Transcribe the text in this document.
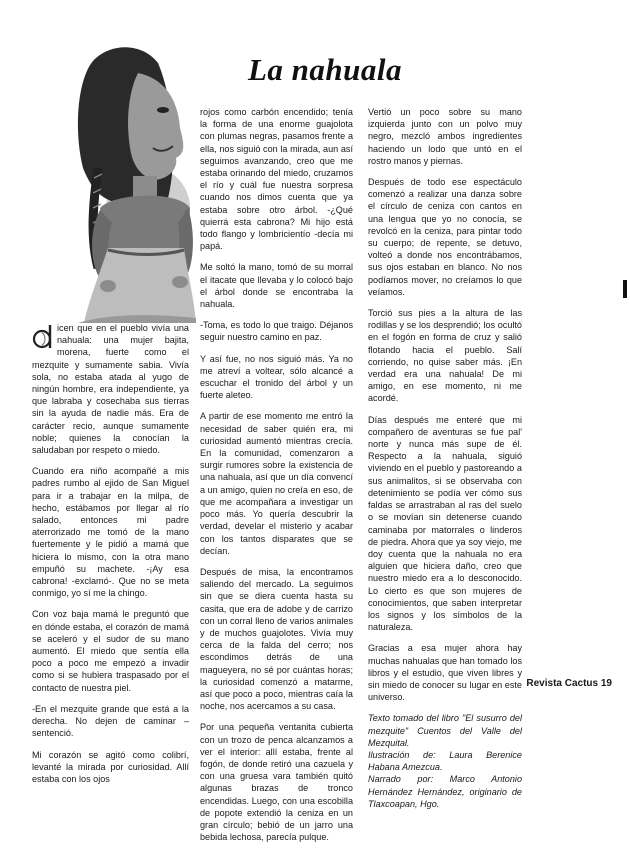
La nahuala

icen que en el pueblo vivía una nahuala: una mujer bajita, morena, fuerte como el mezquite y sumamente sabia. Vivía sola, no estaba atada al yugo de ningún hombre, era independiente, ya que labraba y cosechaba sus tierras sin la ayuda de nadie más. Era de carácter recio, aunque sumamente noble; quienes la conocían la saludaban por respeto o miedo.

Cuando era niño acompañé a mis padres rumbo al ejido de San Miguel para ir a trabajar en la milpa, de hecho, estábamos por llegar al río salado, entonces mi padre aterrorizado me tomó de la mano fuertemente y le pidió a mamá que hiciera lo mismo, con la otra mano empuñó su machete. -¡Ay esa cabrona! -exclamó-. Que no se meta conmigo, yo sí me la chingo.

Con voz baja mamá le preguntó que en dónde estaba, el corazón de mamá se aceleró y el sudor de su mano aumentó. El miedo que sentía ella poco a poco me empezó a invadir como si se hubiera traspasado por el contacto de nuestra piel.

-En el mezquite grande que está a la derecha. No dejen de caminar –sentenció.

Mi corazón se agitó como colibrí, levanté la mirada por curiosidad. Allí estaba con los ojos

rojos como carbón encendido; tenía la forma de una enorme guajolota con plumas negras, pasamos frente a ella, nos siguió con la mirada, aun así seguimos avanzando, creo que me estaba orinando del miedo, cruzamos el río y cuál fue nuestra sorpresa cuando nos dimos cuenta que ya estaba sobre otro árbol. -¿Qué quierrá esta cabrona? Mi hijo está todo flango y lombricientío -decía mi papá.

Me soltó la mano, tomó de su morral el itacate que llevaba y lo colocó bajo el árbol donde se encontraba la nahuala.

-Toma, es todo lo que traigo. Déjanos seguir nuestro camino en paz.

Y así fue, no nos siguió más. Ya no me atreví a voltear, sólo alcancé a escuchar el tronido del árbol y un fuerte aleteo.

A partir de ese momento me entró la necesidad de saber quién era, mi curiosidad aumentó mientras crecía. En la comunidad, comenzaron a surgir rumores sobre la existencia de una nahuala, así que un día convencí a un amigo, quien no creía en eso, de que me acompañara a investigar un poco más. Yo quería descubrir la verdad, develar el misterio y acabar con los tantos disparates que se decían.

Después de misa, la encontramos saliendo del mercado. La seguimos sin que se diera cuenta hasta su casita, que era de adobe y de carrizo con un corral lleno de varios animales y de muchos guajolotes. Vivía muy cerca de la falda del cerro; nos escondimos detrás de una magueyera, no sé por cuántas horas; la curiosidad comenzó a matarme, así que poco a poco, mientras caía la noche, nos acercamos a su casa.

Por una pequeña ventanita cubierta con un trozo de penca alcanzamos a ver el interior: allí estaba, frente al fogón, de donde retiró una cazuela y con una gruesa vara también quitó algunas brazas de tronco encendidas. Luego, con una escobilla de popote extendió la ceniza en un gran círculo; bebió de un jarro una bebida lechosa, parecía pulque.

Vertió un poco sobre su mano izquierda junto con un polvo muy negro, mezcló ambos ingredientes haciendo un lodo que untó en el rostro manos y piernas.

Después de todo ese espectáculo comenzó a realizar una danza sobre el círculo de ceniza con cantos en una lengua que yo no conocía, se revolcó en la ceniza, para pintar todo su cuerpo; de repente, se detuvo, volteó a donde nos encontrábamos, sus ojos estaban en blanco. No nos podíamos mover, no creíamos lo que veíamos.

Torció sus pies a la altura de las rodillas y se los desprendió; los ocultó en el fogón en forma de cruz y salió flotando hacia el pueblo. Salí corriendo, no quise saber más. ¡En verdad era una nahuala! De mi amigo, en ese momento, ni me acordé.

Días después me enteré que mi compañero de aventuras se fue pal' norte y nunca más supe de él. Respecto a la nahuala, siguió viviendo en el pueblo y pastoreando a sus animalitos, si se observaba con detenimiento se podía ver cómo sus faldas se arrastraban al ras del suelo o se movían sin detenerse cuando caminaba por matorrales o linderos de piedra. Ahora que ya soy viejo, me doy cuenta que la nahuala no era alguien que hiciera daño, creo que nuestro miedo era a lo desconocido. Lo cierto es que son mujeres de conocimientos, que saben interpretar los signos y los símbolos de la naturaleza.

Gracias a esa mujer ahora hay muchas nahualas que han tomado los libros y el estudio, que viven libres y sin miedo de conocer su lugar en este universo.

Texto tomado del libro "El susurro del mezquite" Cuentos del Valle del Mezquital.

Ilustración de: Laura Berenice Habana Amezcua.

Narrado por: Marco Antonio Hernández Hernández, originario de Tlaxcoapan, Hgo.

Revista Cactus 19
